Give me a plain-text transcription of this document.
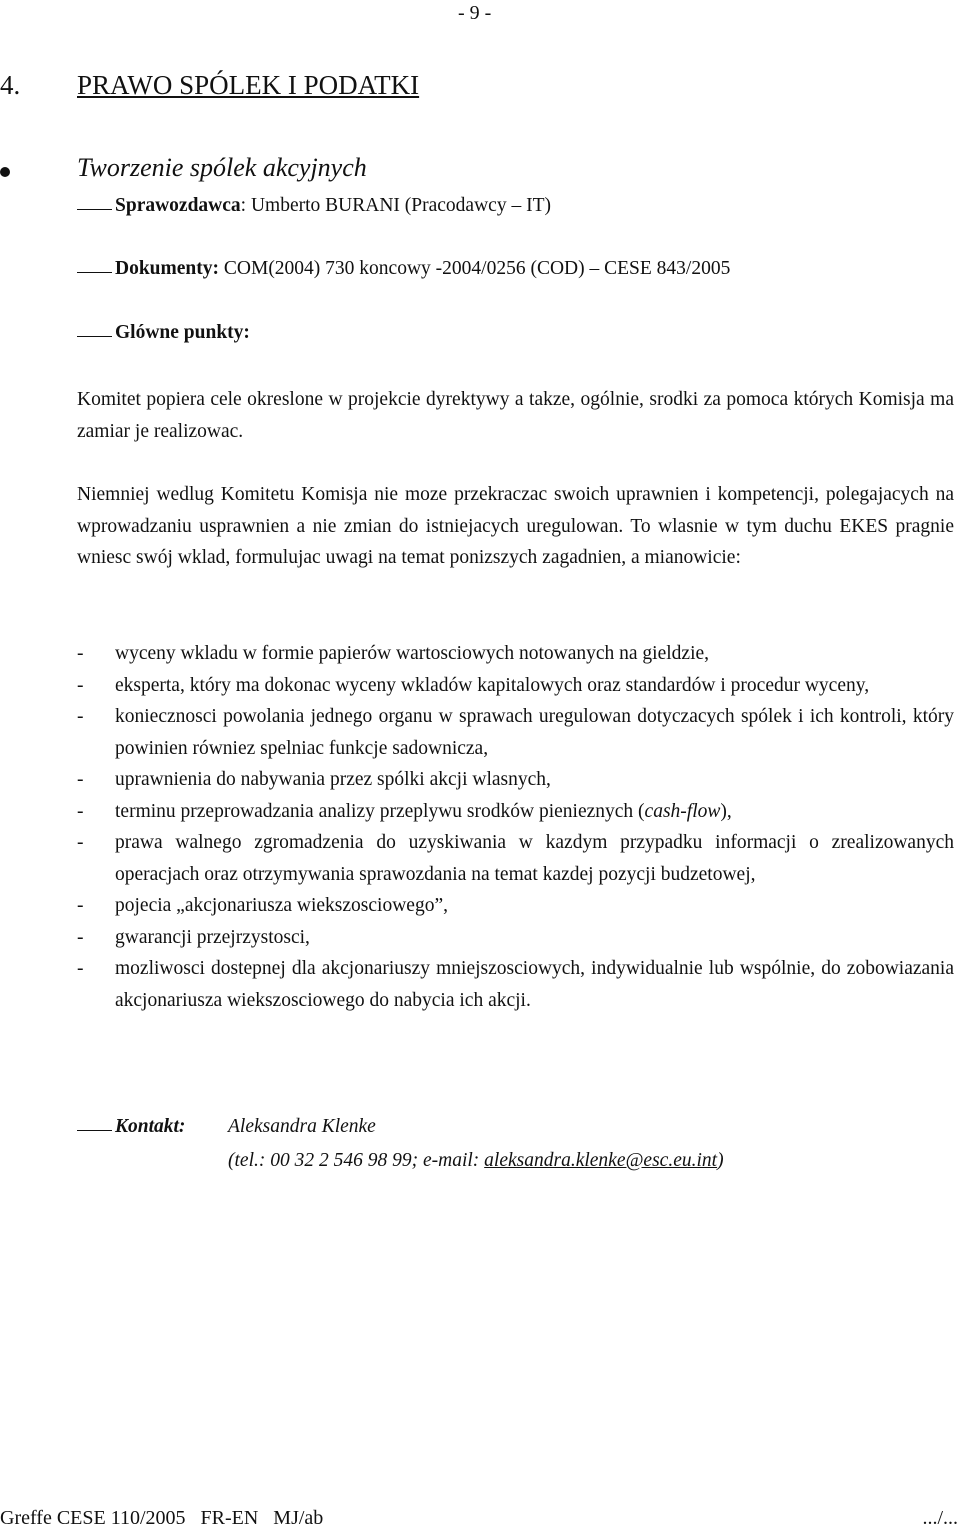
- 9 -
4. PRAWO SPÓLEK I PODATKI
Tworzenie spólek akcyjnych
Sprawozdawca: Umberto BURANI (Pracodawcy – IT)
Dokumenty: COM(2004) 730 koncowy -2004/0256 (COD) – CESE 843/2005
Glówne punkty:
Komitet popiera cele okreslone w projekcie dyrektywy a takze, ogólnie, srodki za pomoca których Komisja ma zamiar je realizowac.
Niemniej wedlug Komitetu Komisja nie moze przekraczac swoich uprawnien i kompetencji, polegajacych na wprowadzaniu usprawnien a nie zmian do istniejacych uregulowan. To wlasnie w tym duchu EKES pragnie wniesc swój wklad, formulujac uwagi na temat ponizszych zagadnien, a mianowicie:
- wyceny wkladu w formie papierów wartosciowych notowanych na gieldzie,
- eksperta, który ma dokonac wyceny wkladów kapitalowych oraz standardów i procedur wyceny,
- koniecznosci powolania jednego organu w sprawach uregulowan dotyczacych spólek i ich kontroli, który powinien równiez spelniac funkcje sadownicza,
- uprawnienia do nabywania przez spólki akcji wlasnych,
- terminu przeprowadzania analizy przeplywu srodków pienieznych (cash-flow),
- prawa walnego zgromadzenia do uzyskiwania w kazdym przypadku informacji o zrealizowanych operacjach oraz otrzymywania sprawozdania na temat kazdej pozycji budzetowej,
- pojecia „akcjonariusza wiekszosciowego”,
- gwarancji przejrzystosci,
- mozliwosci dostepnej dla akcjonariuszy mniejszosciowych, indywidualnie lub wspólnie, do zobowiazania akcjonariusza wiekszosciowego do nabycia ich akcji.
Kontakt: Aleksandra Klenke
(tel.: 00 32 2 546 98 99; e-mail: aleksandra.klenke@esc.eu.int)
Greffe CESE 110/2005   FR-EN   MJ/ab	.../...
